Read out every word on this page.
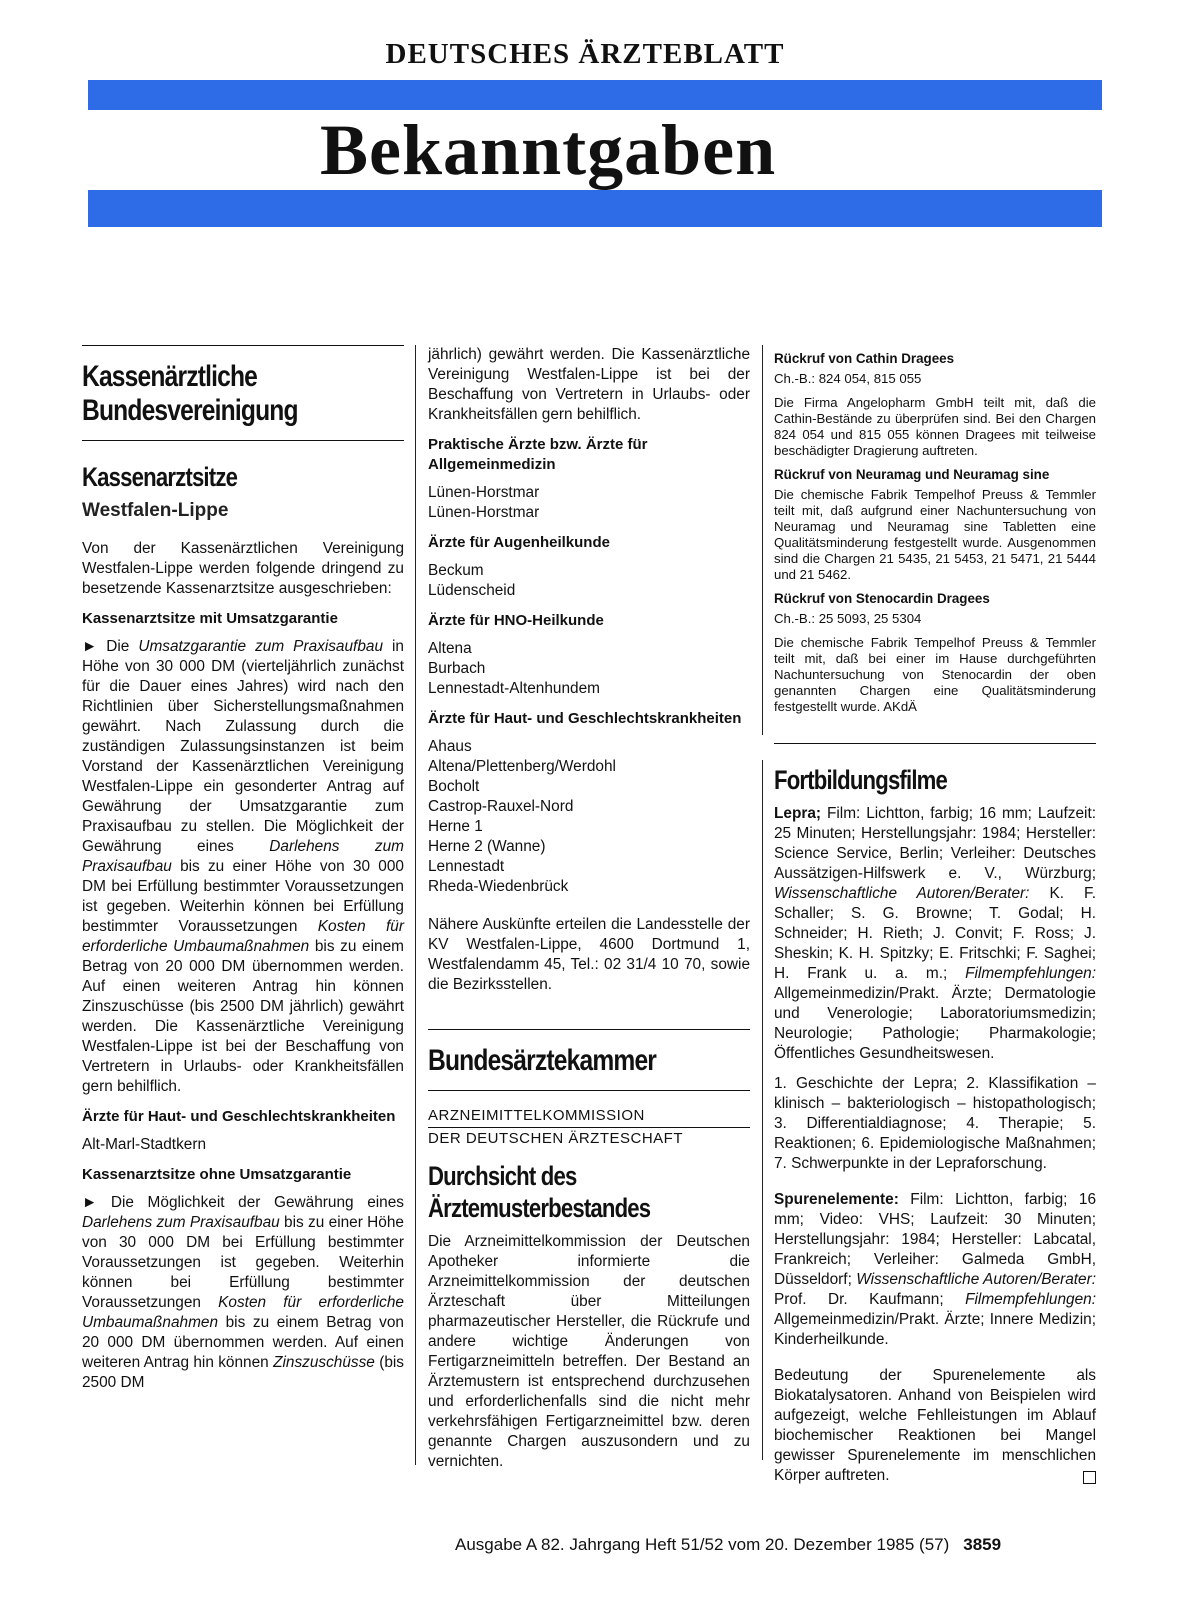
DEUTSCHES ÄRZTEBLATT
Bekanntgaben
Kassenärztliche Bundesvereinigung
Kassenarztsitze
Westfalen-Lippe

Von der Kassenärztlichen Vereinigung Westfalen-Lippe werden folgende dringend zu besetzende Kassenarztsitze ausgeschrieben:

Kassenarztsitze mit Umsatzgarantie

► Die Umsatzgarantie zum Praxisaufbau in Höhe von 30 000 DM (vierteljährlich zunächst für die Dauer eines Jahres) wird nach den Richtlinien über Sicherstellungsmaßnahmen gewährt. Nach Zulassung durch die zuständigen Zulassungsinstanzen ist beim Vorstand der Kassenärztlichen Vereinigung Westfalen-Lippe ein gesonderter Antrag auf Gewährung der Umsatzgarantie zum Praxisaufbau zu stellen. Die Möglichkeit der Gewährung eines Darlehens zum Praxisaufbau bis zu einer Höhe von 30 000 DM bei Erfüllung bestimmter Voraussetzungen ist gegeben. Weiterhin können bei Erfüllung bestimmter Voraussetzungen Kosten für erforderliche Umbaumaßnahmen bis zu einem Betrag von 20 000 DM übernommen werden. Auf einen weiteren Antrag hin können Zinszuschüsse (bis 2500 DM jährlich) gewährt werden. Die Kassenärztliche Vereinigung Westfalen-Lippe ist bei der Beschaffung von Vertretern in Urlaubs- oder Krankheitsfällen gern behilflich.

Ärzte für Haut- und Geschlechtskrankheiten

Alt-Marl-Stadtkern

Kassenarztsitze ohne Umsatzgarantie

► Die Möglichkeit der Gewährung eines Darlehens zum Praxisaufbau bis zu einer Höhe von 30 000 DM bei Erfüllung bestimmter Voraussetzungen ist gegeben. Weiterhin können bei Erfüllung bestimmter Voraussetzungen Kosten für erforderliche Umbaumaßnahmen bis zu einem Betrag von 20 000 DM übernommen werden. Auf einen weiteren Antrag hin können Zinszuschüsse (bis 2500 DM

jährlich) gewährt werden. Die Kassenärztliche Vereinigung Westfalen-Lippe ist bei der Beschaffung von Vertretern in Urlaubs- oder Krankheitsfällen gern behilflich.

Praktische Ärzte bzw. Ärzte für Allgemeinmedizin
Lünen-Horstmar
Lünen-Horstmar
Ärzte für Augenheilkunde
Beckum
Lüdenscheid
Ärzte für HNO-Heilkunde
Altena
Burbach
Lennestadt-Altenhundem
Ärzte für Haut- und Geschlechtskrankheiten
Ahaus
Altena/Plettenberg/Werdohl
Bocholt
Castrop-Rauxel-Nord
Herne 1
Herne 2 (Wanne)
Lennestadt
Rheda-Wiedenbrück

Nähere Auskünfte erteilen die Landesstelle der KV Westfalen-Lippe, 4600 Dortmund 1, Westfalendamm 45, Tel.: 02 31/4 10 70, sowie die Bezirksstellen.

Bundesärztekammer
ARZNEIMITTELKOMMISSION
DER DEUTSCHEN ÄRZTESCHAFT
Durchsicht des Ärztemusterbestandes

Die Arzneimittelkommission der Deutschen Apotheker informierte die Arzneimittelkommission der deutschen Ärzteschaft über Mitteilungen pharmazeutischer Hersteller, die Rückrufe und andere wichtige Änderungen von Fertigarzneimitteln betreffen. Der Bestand an Ärztemustern ist entsprechend durchzusehen und erforderlichenfalls sind die nicht mehr verkehrsfähigen Fertigarzneimittel bzw. deren genannte Chargen auszusondern und zu vernichten.

Rückruf von Cathin Dragees

Ch.-B.: 824 054, 815 055

Die Firma Angelopharm GmbH teilt mit, daß die Cathin-Bestände zu überprüfen sind. Bei den Chargen 824 054 und 815 055 können Dragees mit teilweise beschädigter Dragierung auftreten.

Rückruf von Neuramag und Neuramag sine

Die chemische Fabrik Tempelhof Preuss & Temmler teilt mit, daß aufgrund einer Nachuntersuchung von Neuramag und Neuramag sine Tabletten eine Qualitätsminderung festgestellt wurde. Ausgenommen sind die Chargen 21 5435, 21 5453, 21 5471, 21 5444 und 21 5462.

Rückruf von Stenocardin Dragees

Ch.-B.: 25 5093, 25 5304

Die chemische Fabrik Tempelhof Preuss & Temmler teilt mit, daß bei einer im Hause durchgeführten Nachuntersuchung von Stenocardin der oben genannten Chargen eine Qualitätsminderung festgestellt wurde. AKdÄ

Fortbildungsfilme

Lepra; Film: Lichtton, farbig; 16 mm; Laufzeit: 25 Minuten; Herstellungsjahr: 1984; Hersteller: Science Service, Berlin; Verleiher: Deutsches Aussätzigen-Hilfswerk e. V., Würzburg; Wissenschaftliche Autoren/Berater: K. F. Schaller; S. G. Browne; T. Godal; H. Schneider; H. Rieth; J. Convit; F. Ross; J. Sheskin; K. H. Spitzky; E. Fritschki; F. Saghei; H. Frank u. a. m.; Filmempfehlungen: Allgemeinmedizin/Prakt. Ärzte; Dermatologie und Venerologie; Laboratoriumsmedizin; Neurologie; Pathologie; Pharmakologie; Öffentliches Gesundheitswesen.

1. Geschichte der Lepra; 2. Klassifikation – klinisch – bakteriologisch – histopathologisch; 3. Differentialdiagnose; 4. Therapie; 5. Reaktionen; 6. Epidemiologische Maßnahmen; 7. Schwerpunkte in der Lepraforschung.

Spurenelemente: Film: Lichtton, farbig; 16 mm; Video: VHS; Laufzeit: 30 Minuten; Herstellungsjahr: 1984; Hersteller: Labcatal, Frankreich; Verleiher: Galmeda GmbH, Düsseldorf; Wissenschaftliche Autoren/Berater: Prof. Dr. Kaufmann; Filmempfehlungen: Allgemeinmedizin/Prakt. Ärzte; Innere Medizin; Kinderheilkunde.

Bedeutung der Spurenelemente als Biokatalysatoren. Anhand von Beispielen wird aufgezeigt, welche Fehlleistungen im Ablauf biochemischer Reaktionen bei Mangel gewisser Spurenelemente im menschlichen Körper auftreten.

Ausgabe A 82. Jahrgang Heft 51/52 vom 20. Dezember 1985 (57) 3859
